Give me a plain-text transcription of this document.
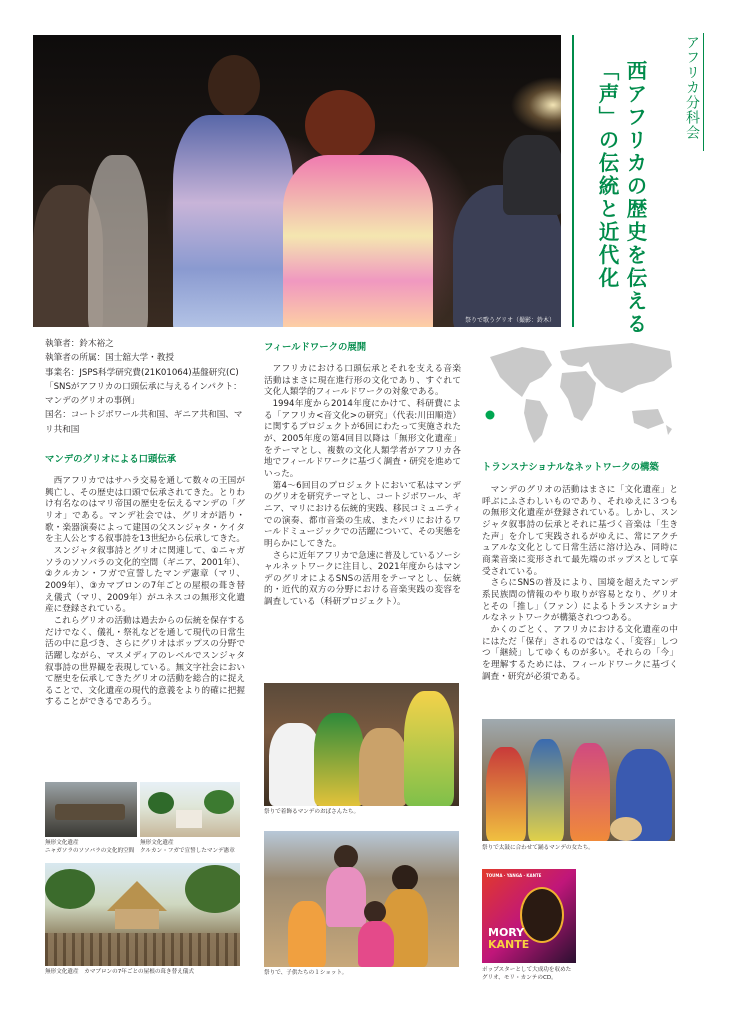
祭りで歌うグリオ（撮影：鈴木）	西アフリカの歴史を伝える
「声」の伝統と近代化	アフリカ分科会
執筆者：鈴木裕之
執筆者の所属：国士舘大学・教授
事業名：JSPS科学研究費(21K01064)基盤研究(C)「SNSがアフリカの口頭伝承に与えるインパクト：マンデのグリオの事例」
国名：コートジボワール共和国、ギニア共和国、マリ共和国
マンデのグリオによる口頭伝承

西アフリカではサハラ交易を通して数々の王国が興亡し、その歴史は口頭で伝承されてきた。とりわけ有名なのはマリ帝国の歴史を伝えるマンデの「グリオ」である。マンデ社会では、グリオが語り・歌・楽器演奏によって建国の父スンジャタ・ケイタを主人公とする叙事詩を13世紀から伝承してきた。

スンジャタ叙事詩とグリオに関連して、①ニャガソラのソソバラの文化的空間（ギニア、2001年）、②クルカン・フガで宣誓したマンデ憲章（マリ、2009年）、③カマブロンの7年ごとの屋根の葺き替え儀式（マリ、2009年）がユネスコの無形文化遺産に登録されている。

これらグリオの活動は過去からの伝統を保存するだけでなく、儀礼・祭礼などを通して現代の日常生活の中に息づき、さらにグリオはポップスの分野で活躍しながら、マスメディアのレベルでスンジャタ叙事詩の世界観を表現している。無文字社会において歴史を伝承してきたグリオの活動を総合的に捉えることで、文化遺産の現代的意義をより的確に把握することができるであろう。

フィールドワークの展開

アフリカにおける口頭伝承とそれを支える音楽活動はまさに現在進行形の文化であり、すぐれて文化人類学的フィールドワークの対象である。

1994年度から2014年度にかけて、科研費による「アフリカ<音文化>の研究」（代表:川田順造）に関するプロジェクトが6回にわたって実施されたが、2005年度の第4回目以降は「無形文化遺産」をテーマとし、複数の文化人類学者がアフリカ各地でフィールドワークに基づく調査・研究を進めていった。

第4〜6回目のプロジェクトにおいて私はマンデのグリオを研究テーマとし、コートジボワール、ギニア、マリにおける伝統的実践、移民コミュニティでの演奏、都市音楽の生成、またパリにおけるワールドミュージックでの活躍について、その実態を明らかにしてきた。

さらに近年アフリカで急速に普及しているソーシャルネットワークに注目し、2021年度からはマンデのグリオによるSNSの活用をテーマとし、伝統的・近代的双方の分野における音楽実践の変容を調査している（科研プロジェクト）。

トランスナショナルなネットワークの構築

マンデのグリオの活動はまさに「文化遺産」と呼ぶにふさわしいものであり、それゆえに３つもの無形文化遺産が登録されている。しかし、スンジャタ叙事詩の伝承とそれに基づく音楽は「生きた声」を介して実践されるがゆえに、常にアクチュアルな文化として日常生活に溶け込み、同時に商業音楽に変形されて最先端のポップスとして享受されている。

さらにSNSの普及により、国境を超えたマンデ系民族間の情報のやり取りが容易となり、グリオとその「推し」（ファン）によるトランスナショナルなネットワークが構築されつつある。

かくのごとく、アフリカにおける文化遺産の中にはただ「保存」されるのではなく、「変容」しつつ「継続」してゆくものが多い。それらの「今」を理解するためには、フィールドワークに基づく調査・研究が必須である。

無形文化遺産
ニャガソラのソソバラの文化的空間
無形文化遺産
クルカン・フガで宣誓したマンデ憲章
無形文化遺産　カマブロンの7年ごとの屋根の葺き替え儀式
祭りで着飾るマンデのおばさんたち。
祭りで、子供たちの１ショット。
祭りで太鼓に合わせて踊るマンデの女たち。
TOUMA · YANGA · KANTE
MORY
KANTE
ポップスターとして大成功を収めた
グリオ、モリ・カンテのCD。
